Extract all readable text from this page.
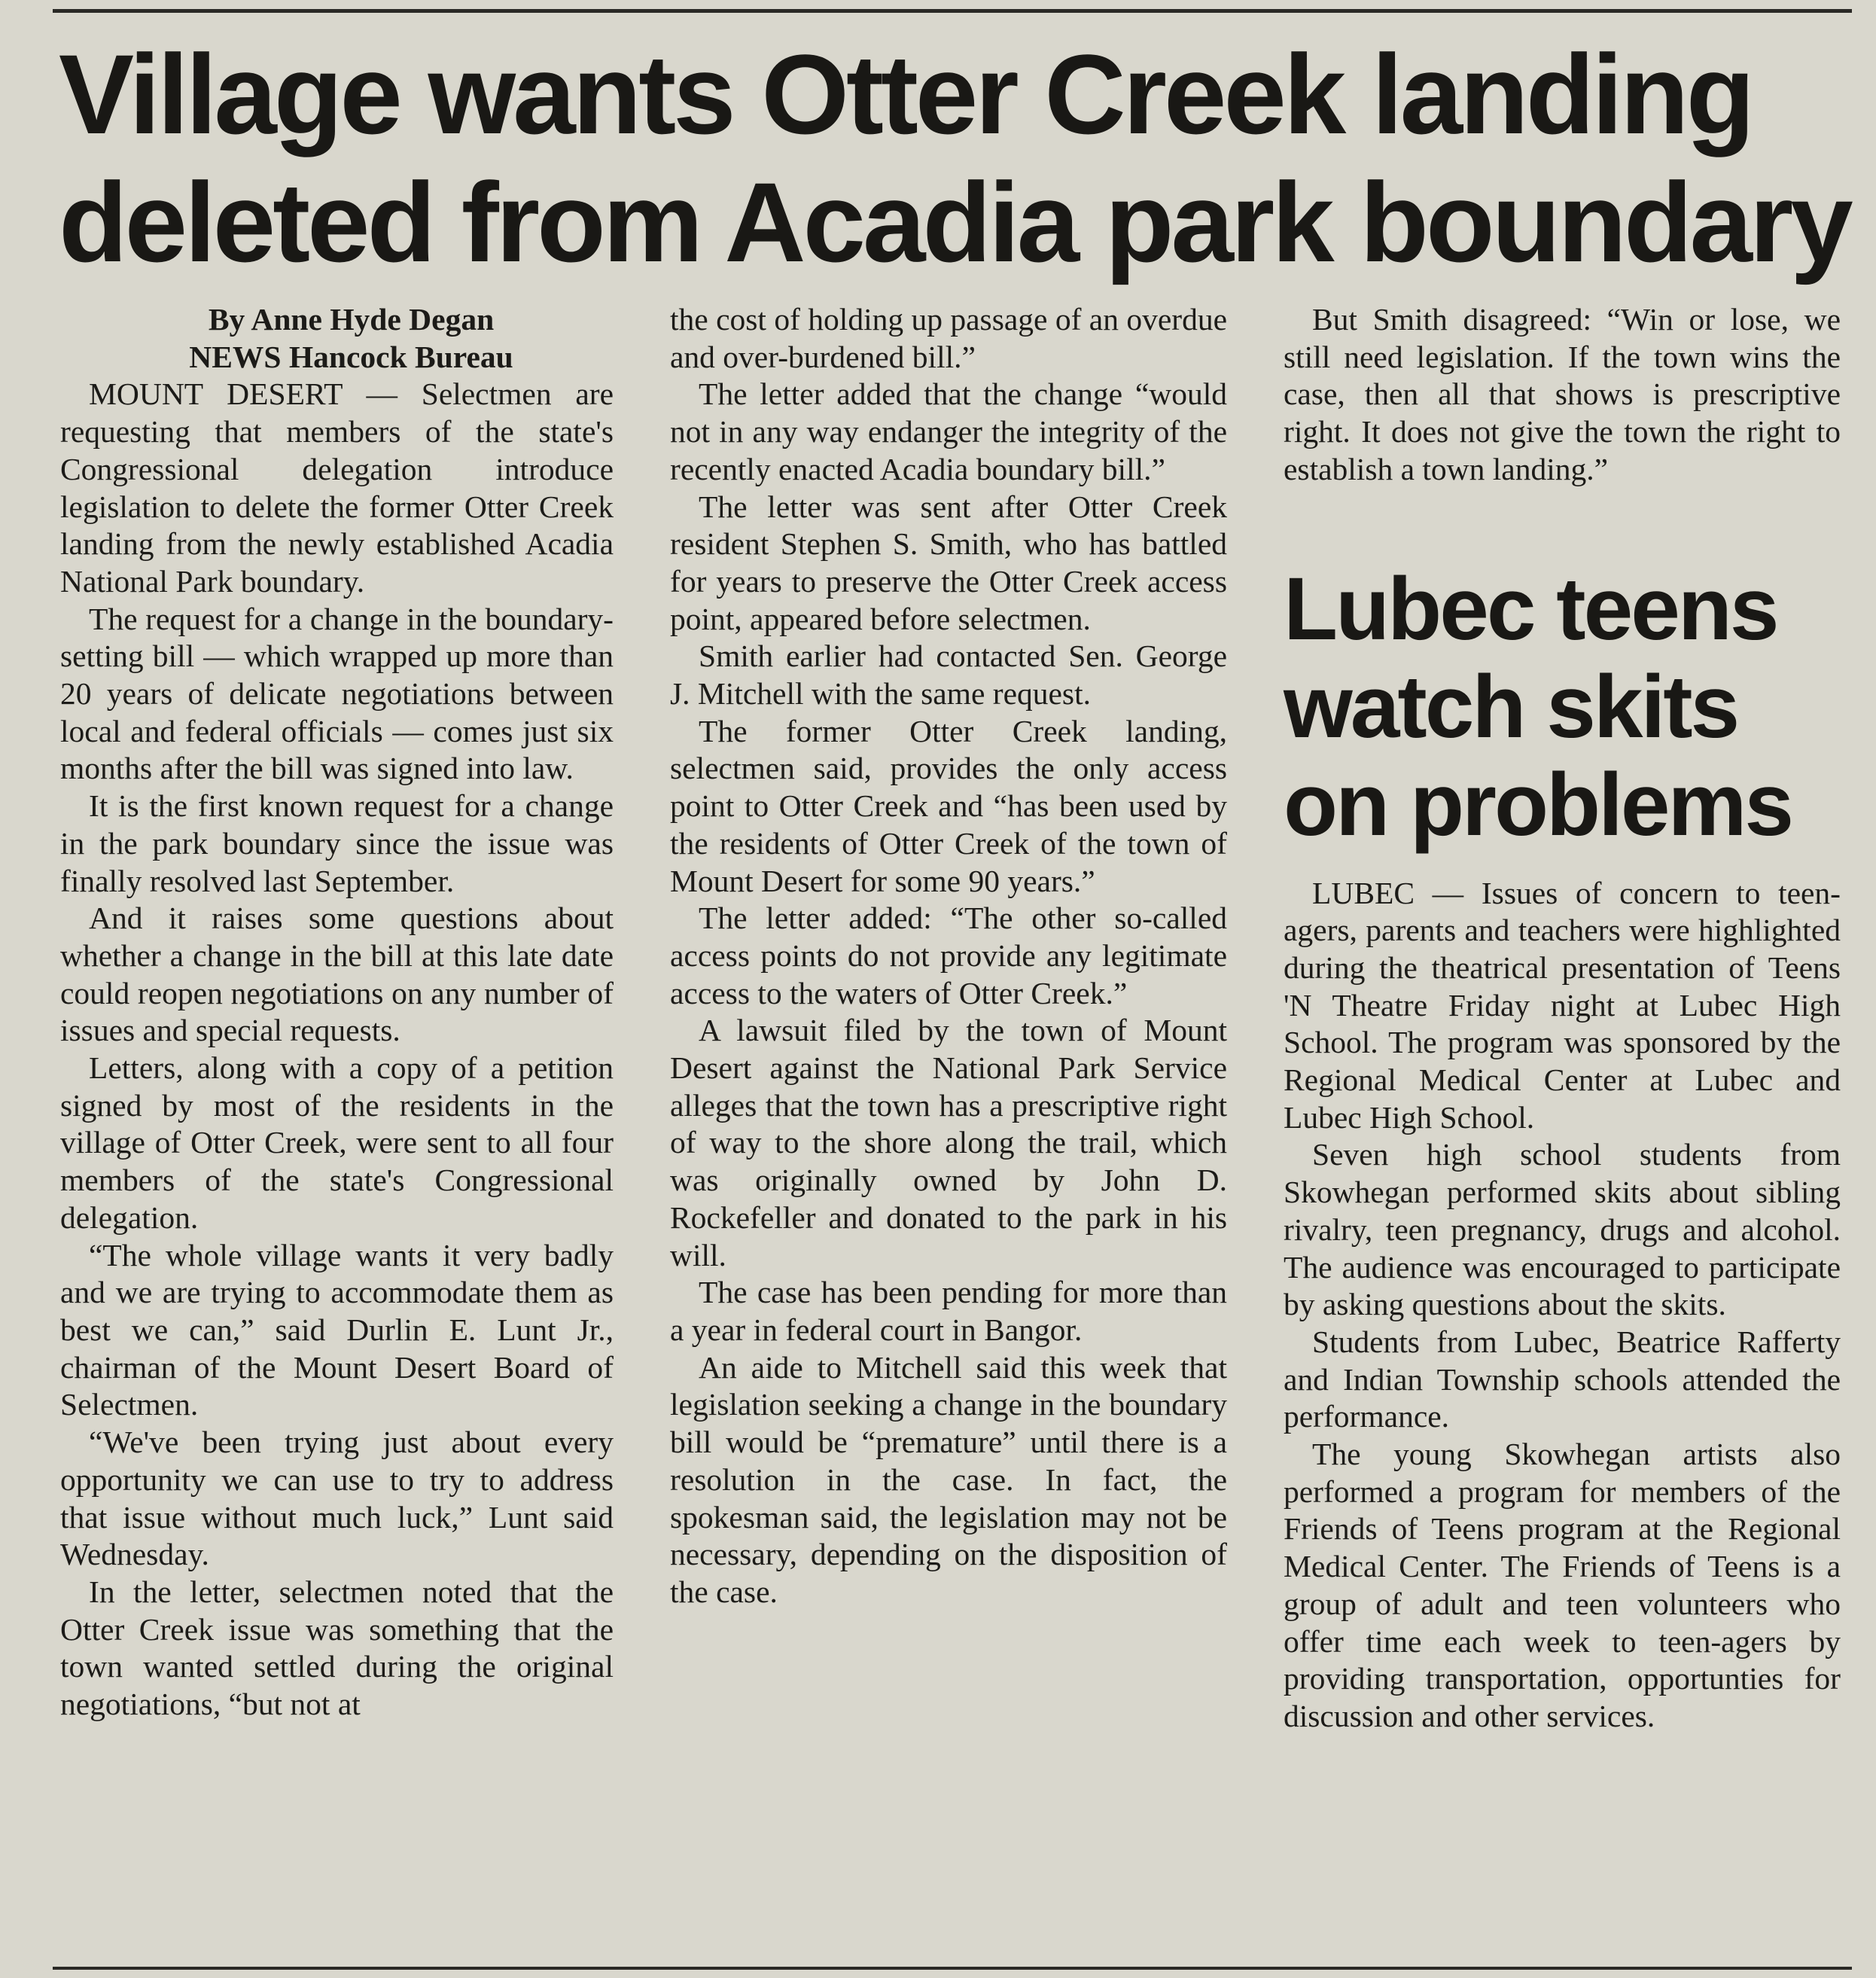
Village wants Otter Creek landing deleted from Acadia park boundary

By Anne Hyde Degan

NEWS Hancock Bureau

MOUNT DESERT — Selectmen are requesting that members of the state's Congressional delegation introduce legislation to delete the former Otter Creek landing from the newly established Acadia National Park boundary.

The request for a change in the boundary-setting bill — which wrapped up more than 20 years of delicate negotiations between local and federal officials — comes just six months after the bill was signed into law.

It is the first known request for a change in the park boundary since the issue was finally resolved last September.

And it raises some questions about whether a change in the bill at this late date could reopen negotiations on any number of issues and special requests.

Letters, along with a copy of a petition signed by most of the residents in the village of Otter Creek, were sent to all four members of the state's Congressional delegation.

“The whole village wants it very badly and we are trying to accommodate them as best we can,” said Durlin E. Lunt Jr., chairman of the Mount Desert Board of Selectmen.

“We've been trying just about every opportunity we can use to try to address that issue without much luck,” Lunt said Wednesday.

In the letter, selectmen noted that the Otter Creek issue was something that the town wanted settled during the original negotiations, “but not at

the cost of holding up passage of an overdue and over-burdened bill.”

The letter added that the change “would not in any way endanger the integrity of the recently enacted Acadia boundary bill.”

The letter was sent after Otter Creek resident Stephen S. Smith, who has battled for years to preserve the Otter Creek access point, appeared before selectmen.

Smith earlier had contacted Sen. George J. Mitchell with the same request.

The former Otter Creek landing, selectmen said, provides the only access point to Otter Creek and “has been used by the residents of Otter Creek of the town of Mount Desert for some 90 years.”

The letter added: “The other so-called access points do not provide any legitimate access to the waters of Otter Creek.”

A lawsuit filed by the town of Mount Desert against the National Park Service alleges that the town has a prescriptive right of way to the shore along the trail, which was originally owned by John D. Rockefeller and donated to the park in his will.

The case has been pending for more than a year in federal court in Bangor.

An aide to Mitchell said this week that legislation seeking a change in the boundary bill would be “premature” until there is a resolution in the case. In fact, the spokesman said, the legislation may not be necessary, depending on the disposition of the case.

But Smith disagreed: “Win or lose, we still need legislation. If the town wins the case, then all that shows is prescriptive right. It does not give the town the right to establish a town landing.”

Lubec teens watch skits on problems

LUBEC — Issues of concern to teen-agers, parents and teachers were highlighted during the theatrical presentation of Teens 'N Theatre Friday night at Lubec High School. The program was sponsored by the Regional Medical Center at Lubec and Lubec High School.

Seven high school students from Skowhegan performed skits about sibling rivalry, teen pregnancy, drugs and alcohol. The audience was encouraged to participate by asking questions about the skits.

Students from Lubec, Beatrice Rafferty and Indian Township schools attended the performance.

The young Skowhegan artists also performed a program for members of the Friends of Teens program at the Regional Medical Center. The Friends of Teens is a group of adult and teen volunteers who offer time each week to teen-agers by providing transportation, opportunties for discussion and other services.
